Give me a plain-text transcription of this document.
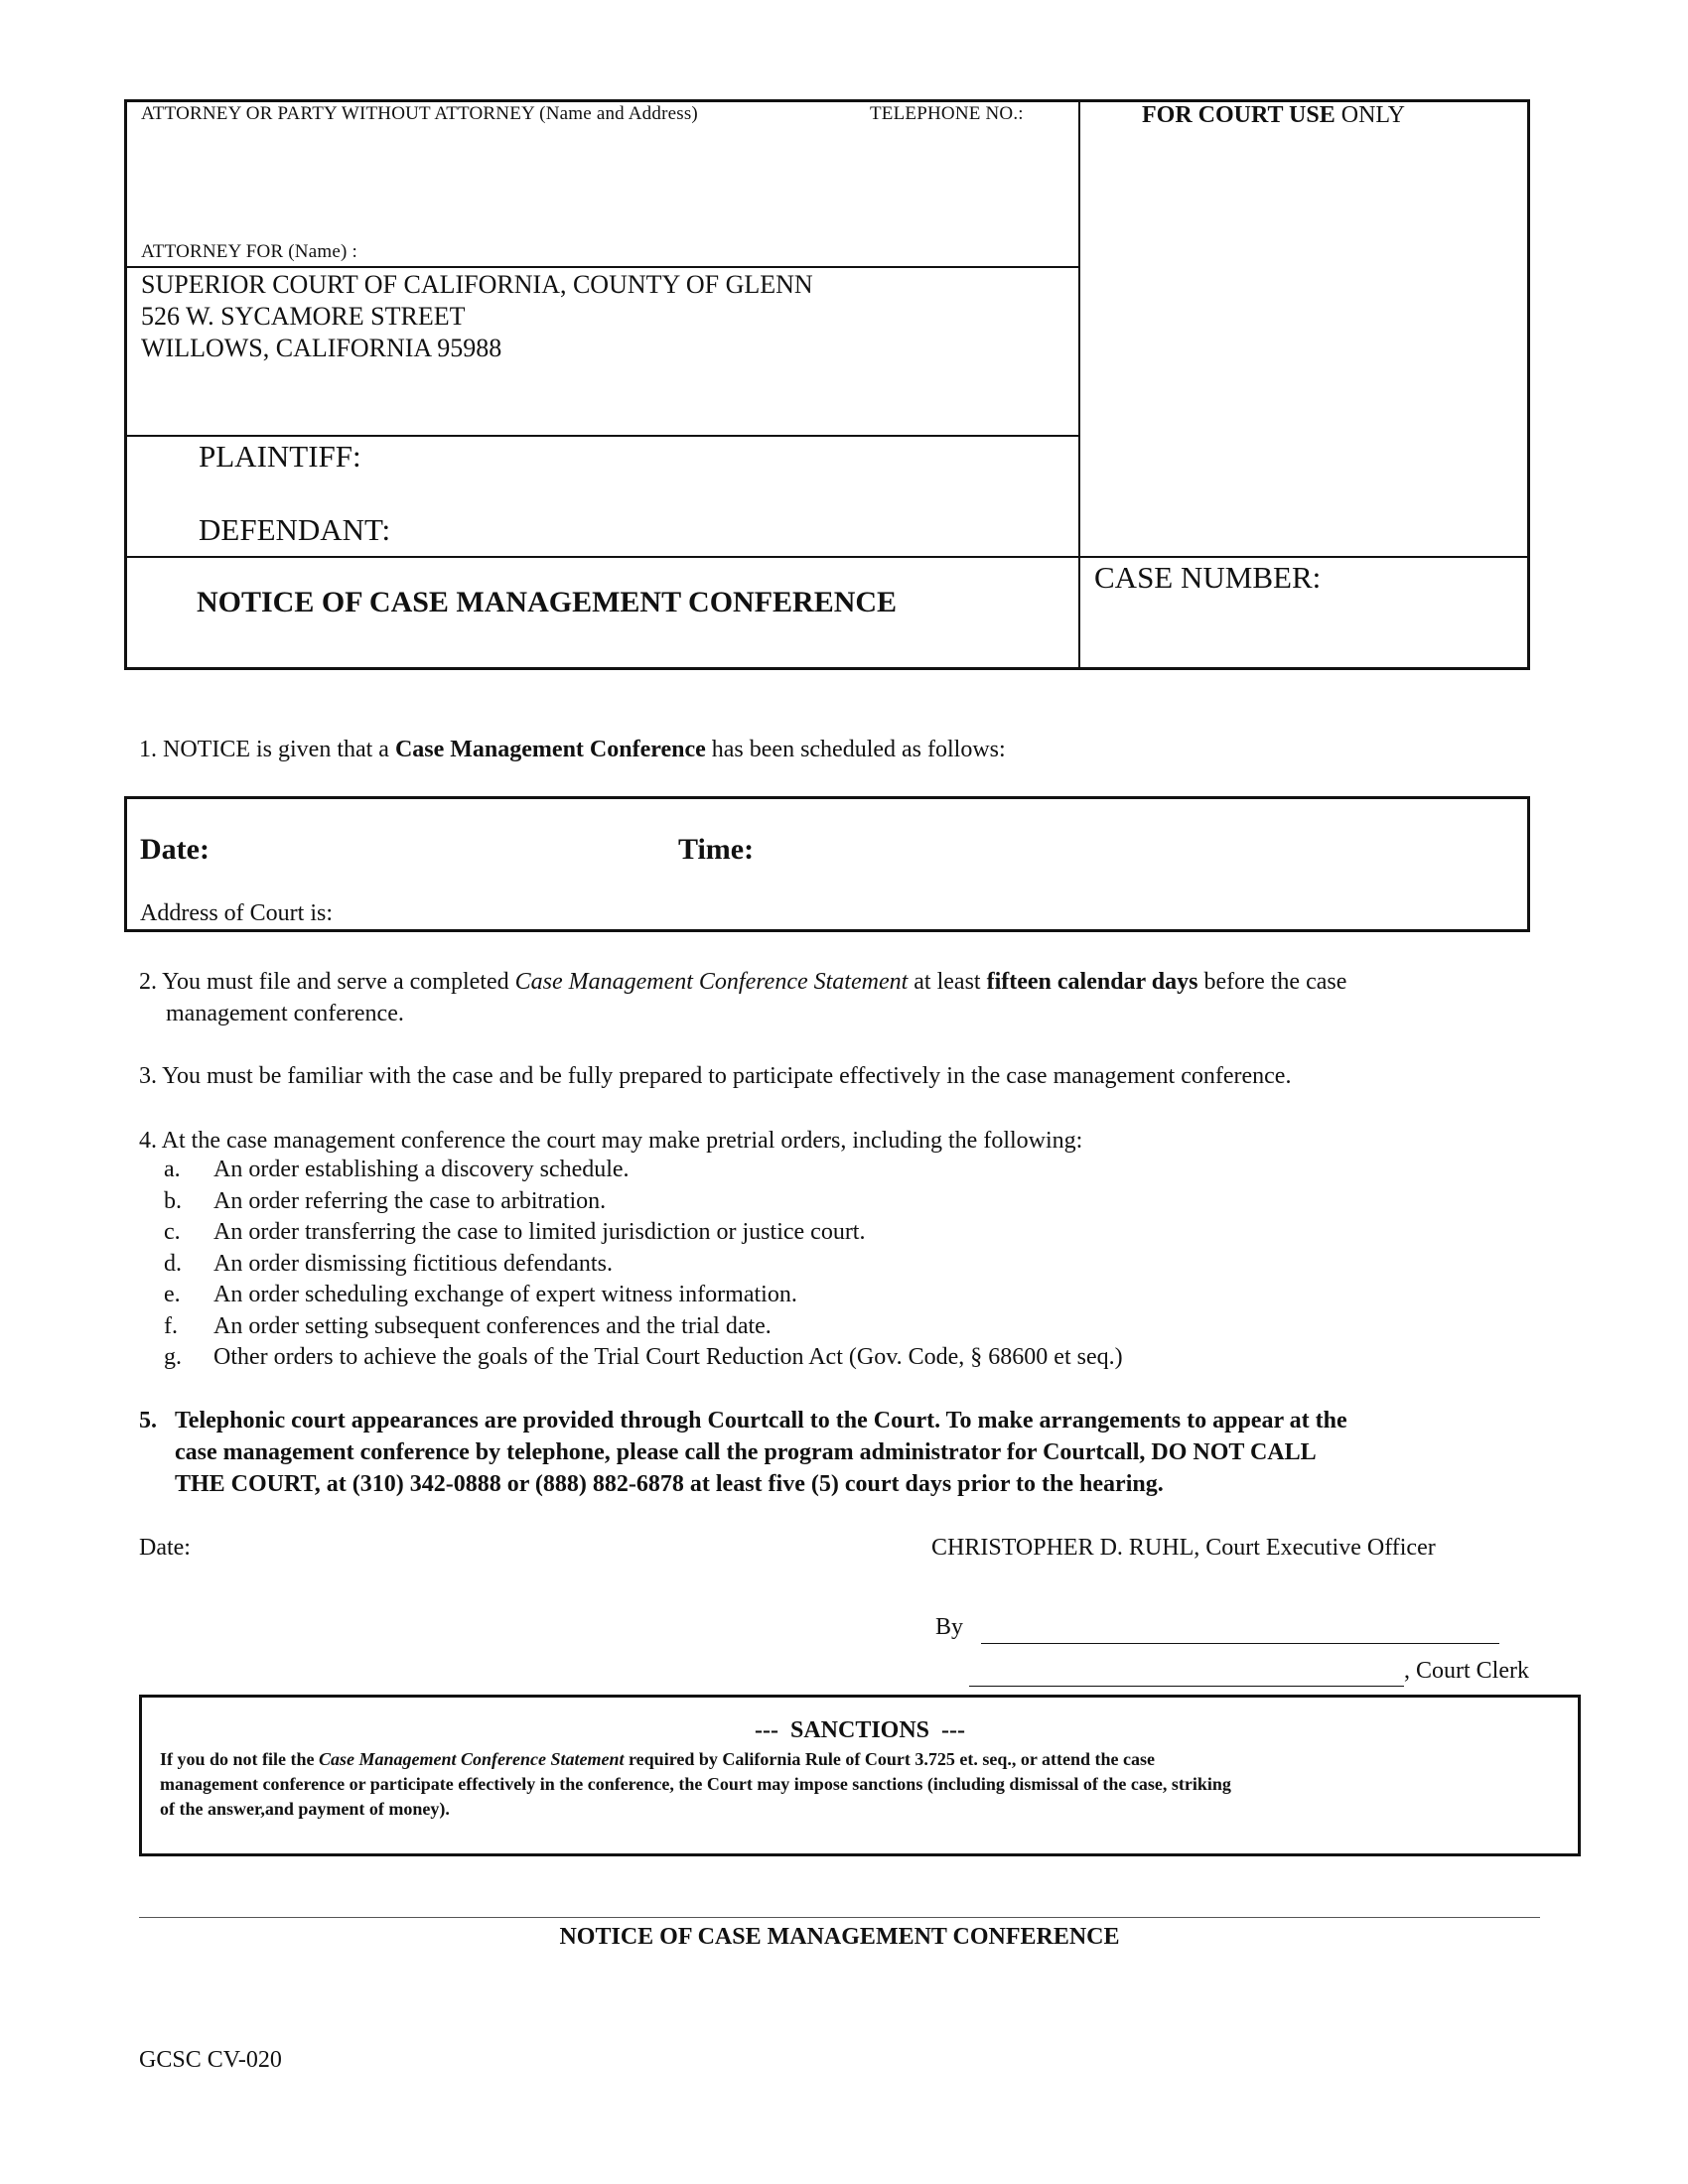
ATTORNEY OR PARTY WITHOUT ATTORNEY (Name and Address)	TELEPHONE NO.:	FOR COURT USE ONLY
ATTORNEY FOR (Name) :
SUPERIOR COURT OF CALIFORNIA, COUNTY OF GLENN
526 W. SYCAMORE STREET
WILLOWS, CALIFORNIA 95988
PLAINTIFF:
DEFENDANT:
NOTICE OF CASE MANAGEMENT CONFERENCE
CASE NUMBER:
1. NOTICE is given that a Case Management Conference has been scheduled as follows:
Date:	Time:
Address of Court is:
2. You must file and serve a completed Case Management Conference Statement at least fifteen calendar days before the case
management conference.
3. You must be familiar with the case and be fully prepared to participate effectively in the case management conference.
4. At the case management conference the court may make pretrial orders, including the following:
a. An order establishing a discovery schedule.
b. An order referring the case to arbitration.
c. An order transferring the case to limited jurisdiction or justice court.
d. An order dismissing fictitious defendants.
e. An order scheduling exchange of expert witness information.
f. An order setting subsequent conferences and the trial date.
g. Other orders to achieve the goals of the Trial Court Reduction Act (Gov. Code, § 68600 et seq.)
5. Telephonic court appearances are provided through Courtcall to the Court. To make arrangements to appear at the
case management conference by telephone, please call the program administrator for Courtcall, DO NOT CALL
THE COURT, at (310) 342-0888 or (888) 882-6878 at least five (5) court days prior to the hearing.
Date:	CHRISTOPHER D. RUHL, Court Executive Officer
By
, Court Clerk
---  SANCTIONS  ---
If you do not file the Case Management Conference Statement required by California Rule of Court 3.725 et. seq., or attend the case
management conference or participate effectively in the conference, the Court may impose sanctions (including dismissal of the case, striking
of the answer,and payment of money).
NOTICE OF CASE MANAGEMENT CONFERENCE
GCSC CV-020
